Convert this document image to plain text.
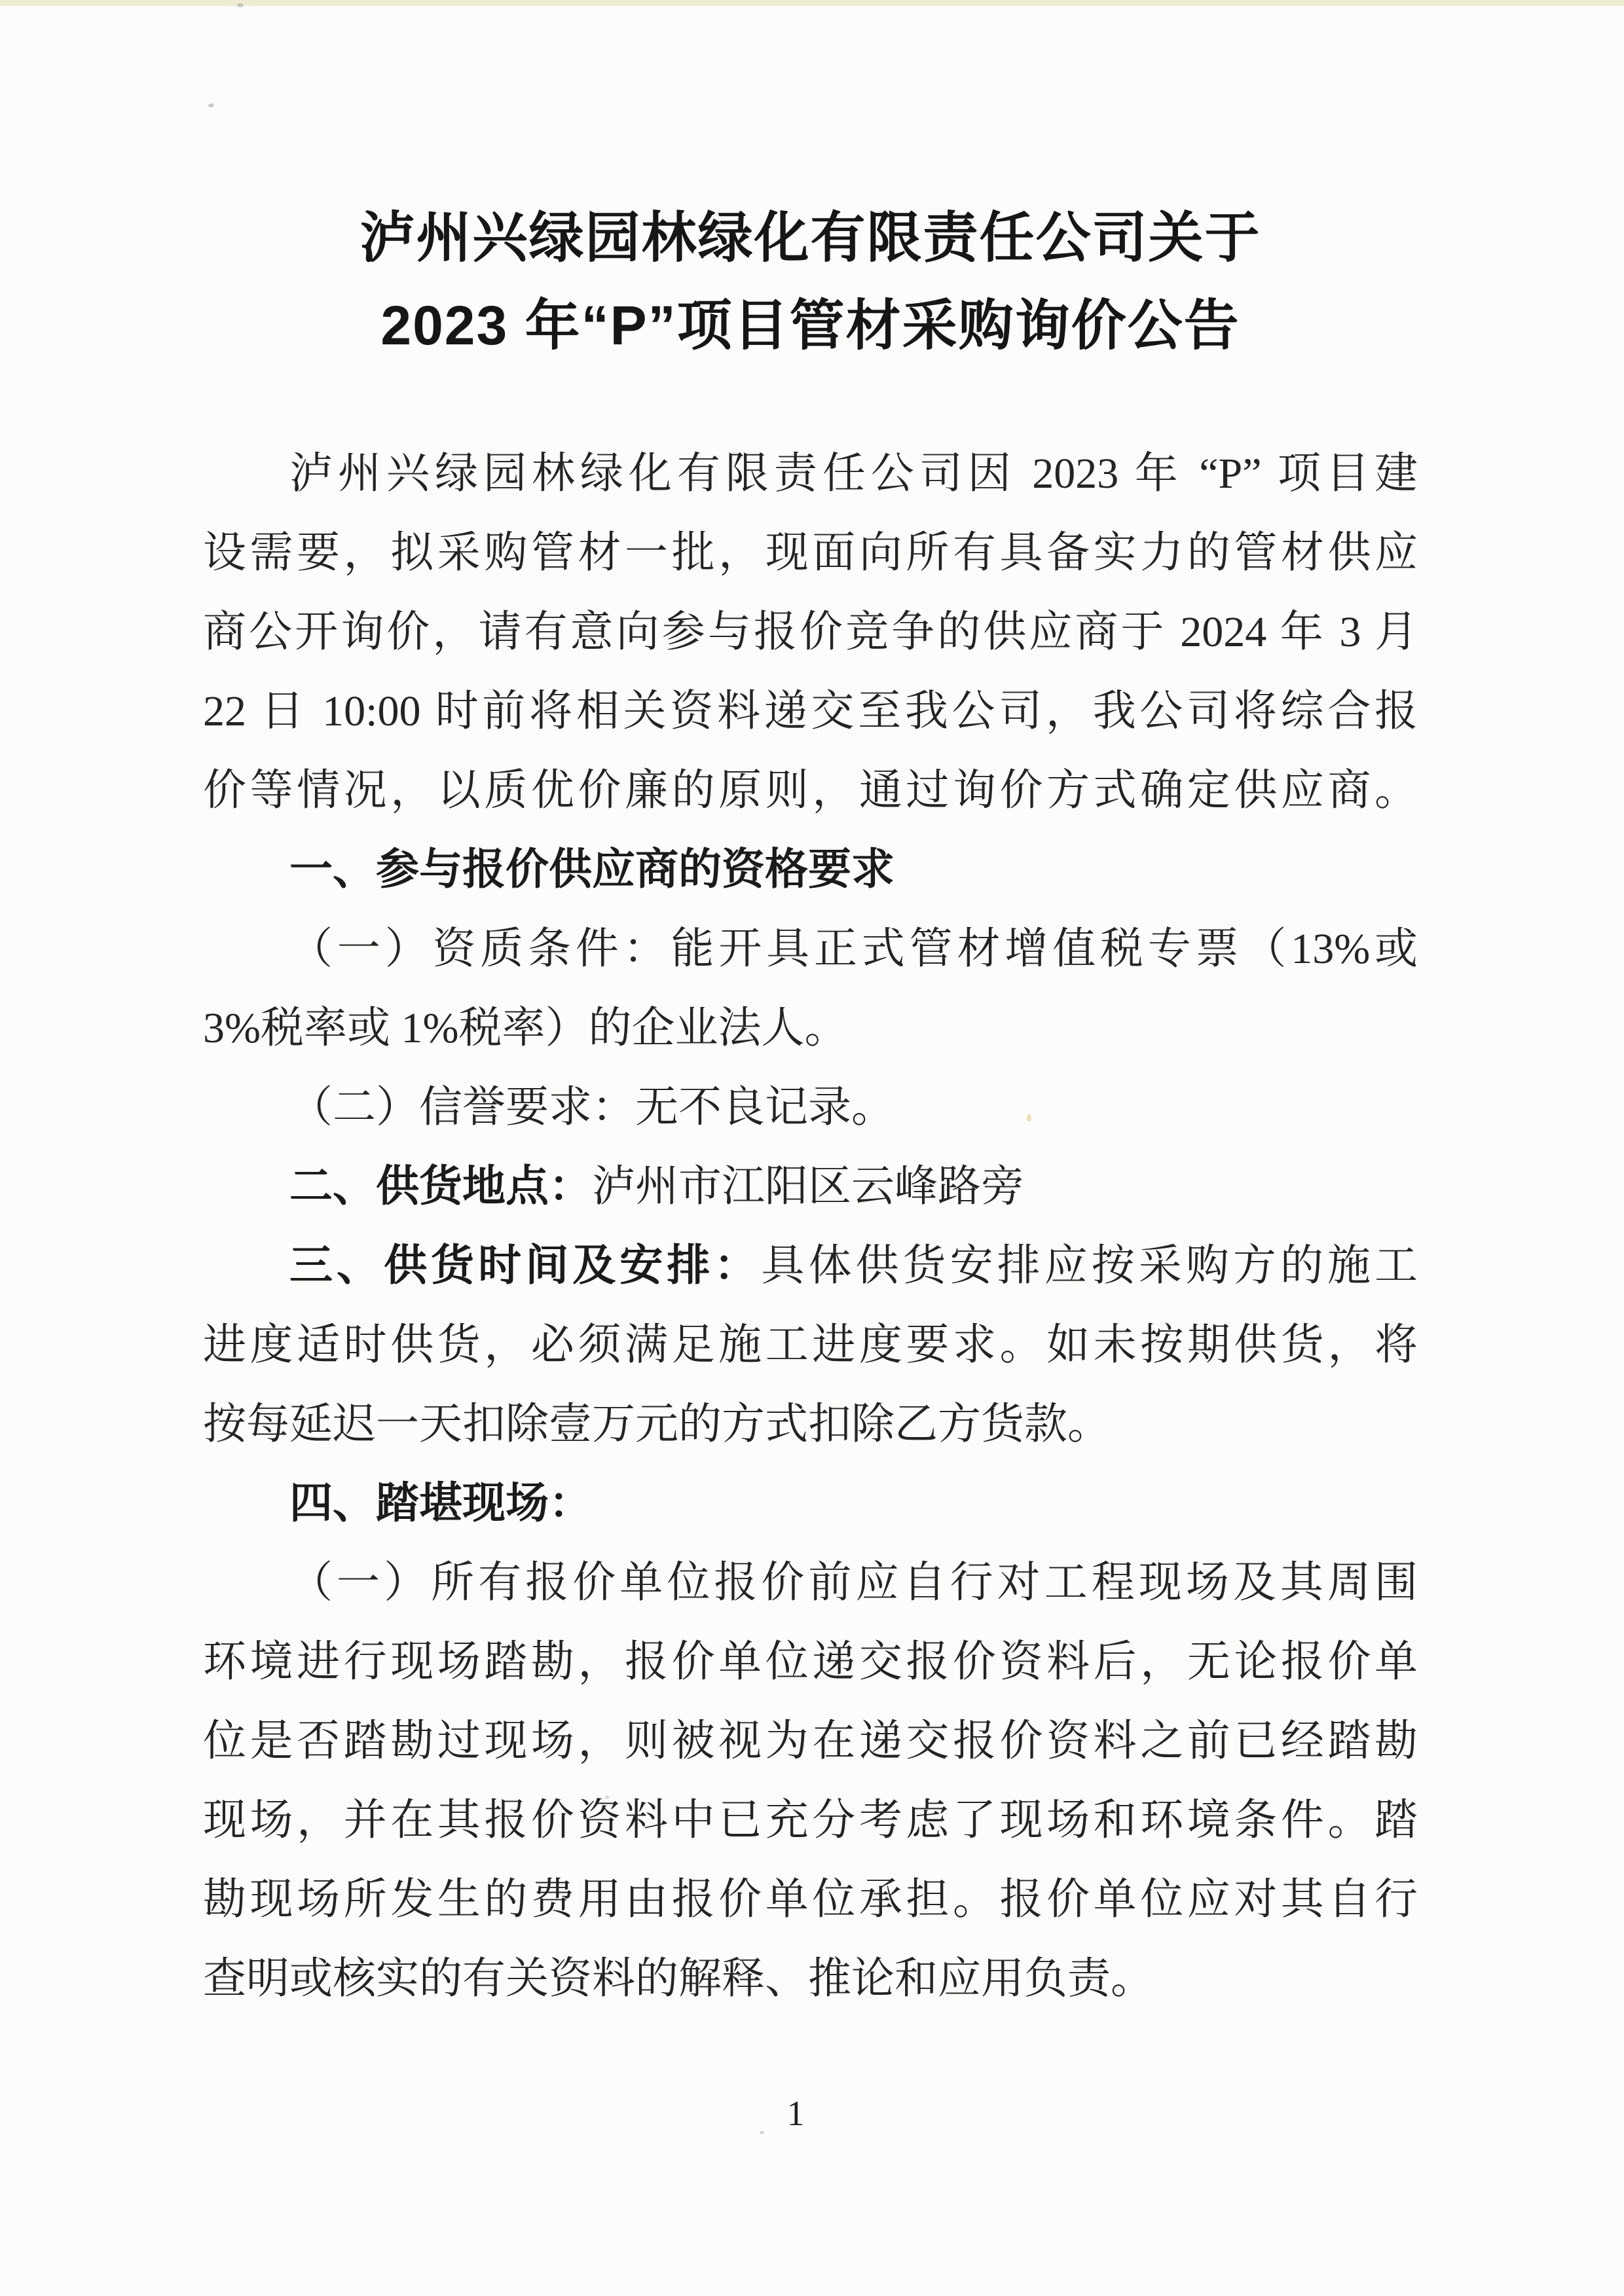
泸州兴绿园林绿化有限责任公司关于
2023 年“P”项目管材采购询价公告
泸州兴绿园林绿化有限责任公司因 2023 年 “P” 项目建
设需要，拟采购管材一批，现面向所有具备实力的管材供应
商公开询价，请有意向参与报价竞争的供应商于 2024 年 3 月
22 日 10:00 时前将相关资料递交至我公司，我公司将综合报
价等情况，以质优价廉的原则，通过询价方式确定供应商。
一、参与报价供应商的资格要求
（一）资质条件：能开具正式管材增值税专票（13%或
3%税率或 1%税率）的企业法人。
（二）信誉要求：无不良记录。
二、供货地点：泸州市江阳区云峰路旁
三、供货时间及安排：具体供货安排应按采购方的施工
进度适时供货，必须满足施工进度要求。如未按期供货，将
按每延迟一天扣除壹万元的方式扣除乙方货款。
四、踏堪现场：
（一）所有报价单位报价前应自行对工程现场及其周围
环境进行现场踏勘，报价单位递交报价资料后，无论报价单
位是否踏勘过现场，则被视为在递交报价资料之前已经踏勘
现场，并在其报价资料中已充分考虑了现场和环境条件。踏
勘现场所发生的费用由报价单位承担。报价单位应对其自行
查明或核实的有关资料的解释、推论和应用负责。
1
